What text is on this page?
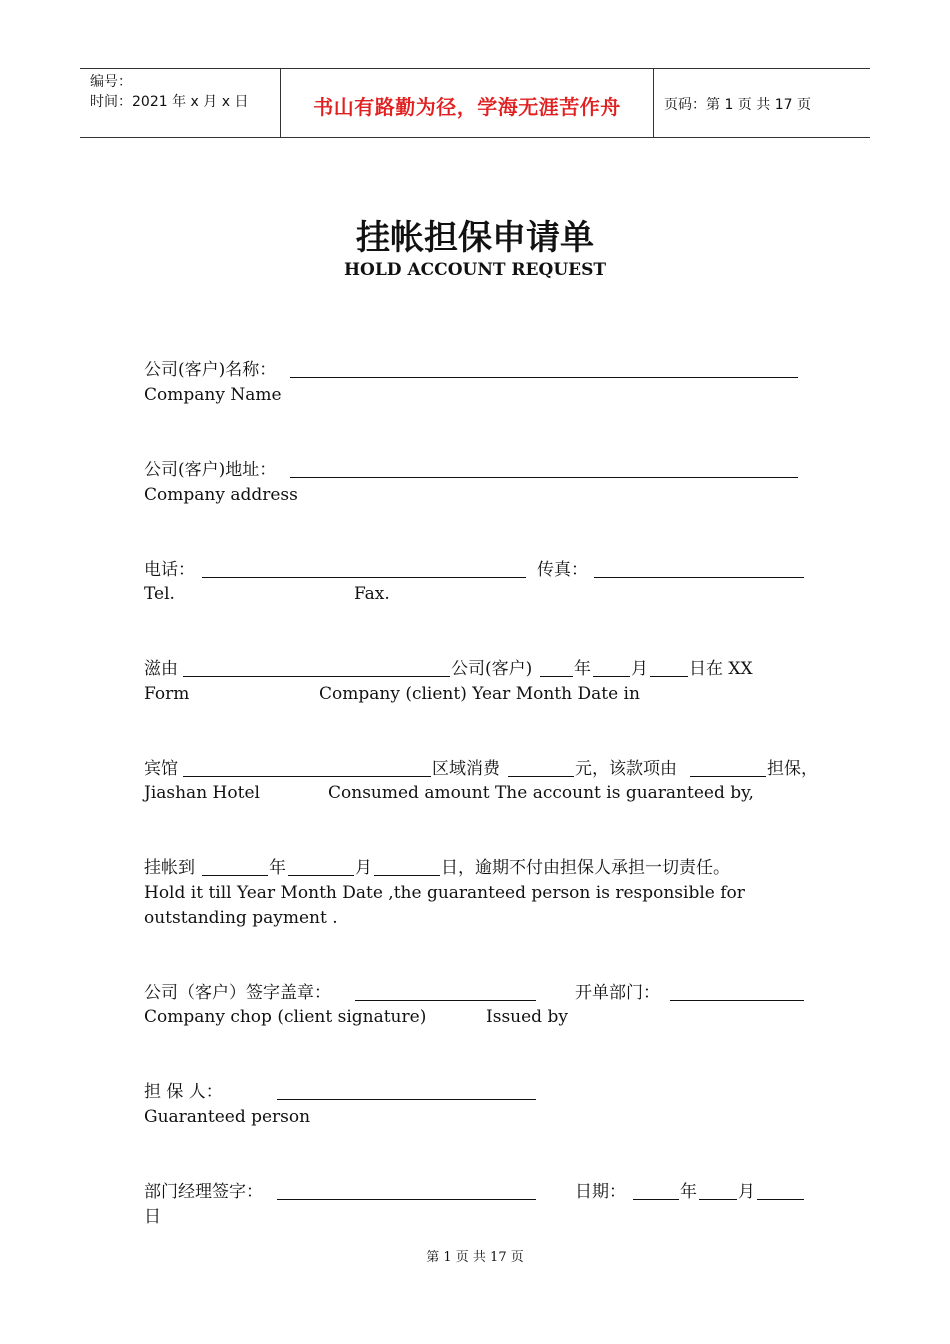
编号：
时间：2021 年 x 月 x 日	书山有路勤为径，学海无涯苦作舟	页码：第 1 页 共 17 页
挂帐担保申请单
HOLD ACCOUNT REQUEST
公司(客户)名称：
Company Name
公司(客户)地址：
Company address
电话：	传真：
Tel.	Fax.
滋由	公司(客户) 年 月 日在 XX
Form	Company (client) Year Month Date in
宾馆	区域消费	元，该款项由	担保，
Jiashan Hotel	Consumed amount The account is guaranteed by,
挂帐到	年	月	日，逾期不付由担保人承担一切责任。
Hold it till Year Month Date ,the guaranteed person is responsible for
outstanding payment .
公司（客户）签字盖章：	开单部门：
Company chop (client signature)	Issued by
担 保 人：
Guaranteed person
部门经理签字：	日期：	年 月
日
第 1 页 共 17 页
